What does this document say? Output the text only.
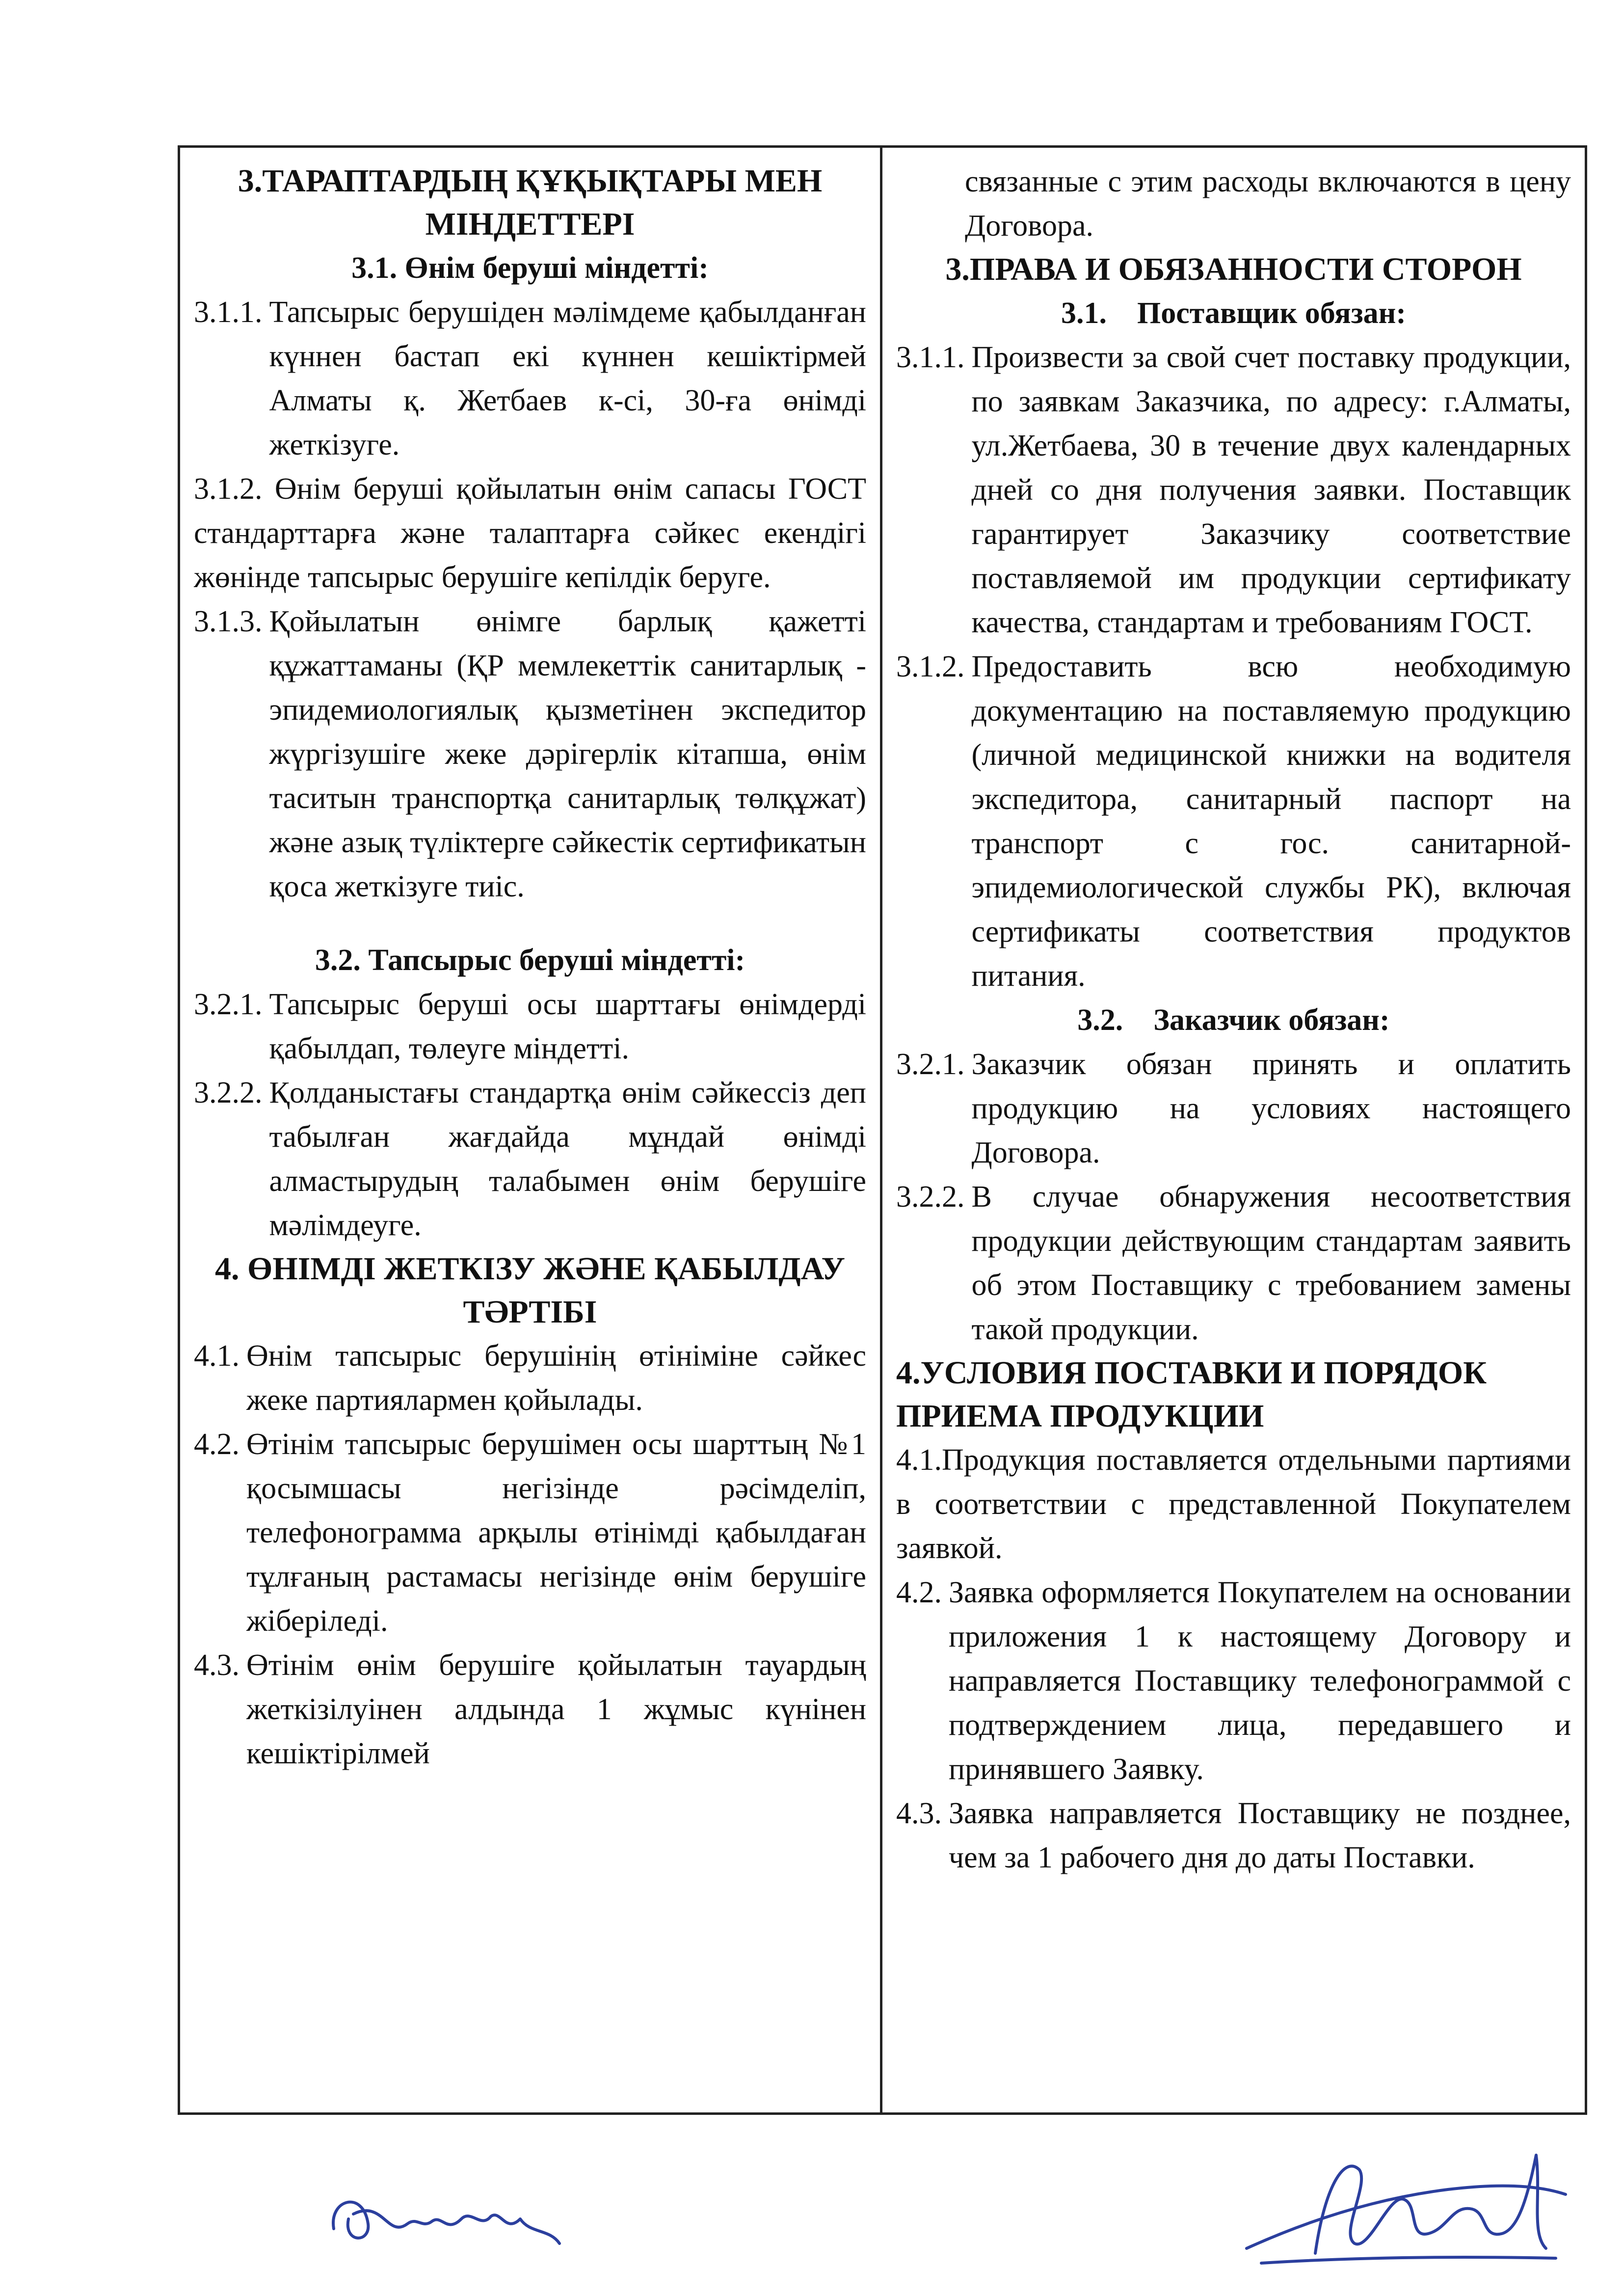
3.ТАРАПТАРДЫҢ ҚҰҚЫҚТАРЫ МЕН МІНДЕТТЕРІ

3.1. Өнім беруші міндетті:

3.1.1. Тапсырыс берушіден мәлімдеме қабылданған күннен бастап екі күннен кешіктірмей Алматы қ. Жетбаев к-сі, 30-ға өнімді жеткізуге.

3.1.2. Өнім беруші қойылатын өнім сапасы ГОСТ стандарттарға және талаптарға сәйкес екендігі жөнінде тапсырыс берушіге кепілдік беруге.

3.1.3. Қойылатын өнімге барлық қажетті құжаттаманы (ҚР мемлекеттік санитарлық - эпидемиологиялық қызметінен экспедитор жүргізушіге жеке дәрігерлік кітапша, өнім таситын транспортқа санитарлық төлқұжат) және азық түліктерге сәйкестік сертификатын қоса жеткізуге тиіс.

3.2. Тапсырыс беруші міндетті:

3.2.1. Тапсырыс беруші осы шарттағы өнімдерді қабылдап, төлеуге міндетті.
3.2.2. Қолданыстағы стандартқа өнім сәйкессіз деп табылған жағдайда мұндай өнімді алмастырудың талабымен өнім берушіге мәлімдеуге.

4. ӨНІМДІ ЖЕТКІЗУ ЖӘНЕ ҚАБЫЛДАУ ТӘРТІБІ

4.1. Өнім тапсырыс берушінің өтініміне сәйкес жеке партиялармен қойылады.
4.2. Өтінім тапсырыс берушімен осы шарттың №1 қосымшасы негізінде рәсімделіп, телефонограмма арқылы өтінімді қабылдаған тұлғаның растамасы негізінде өнім берушіге жіберіледі.
4.3. Өтінім өнім берушіге қойылатын тауардың жеткізілуінен алдында 1 жұмыс күнінен кешіктірілмей

связанные с этим расходы включаются в цену Договора.

3.ПРАВА И ОБЯЗАННОСТИ СТОРОН

3.1.    Поставщик обязан:

3.1.1. Произвести за свой счет поставку продукции, по заявкам Заказчика, по адресу: г.Алматы, ул.Жетбаева, 30 в течение двух календарных дней со дня получения заявки. Поставщик гарантирует Заказчику соответствие поставляемой им продукции сертификату качества, стандартам и требованиям ГОСТ.
3.1.2. Предоставить всю необходимую документацию на поставляемую продукцию (личной медицинской книжки на водителя экспедитора, санитарный паспорт на транспорт с гос. санитарной-эпидемиологической службы РК), включая сертификаты соответствия продуктов питания.

3.2.    Заказчик обязан:

3.2.1. Заказчик обязан принять и оплатить продукцию на условиях настоящего Договора.
3.2.2. В случае обнаружения несоответствия продукции действующим стандартам заявить об этом Поставщику с требованием замены такой продукции.

4.УСЛОВИЯ ПОСТАВКИ И ПОРЯДОК ПРИЕМА ПРОДУКЦИИ

4.1.Продукция поставляется отдельными партиями в соответствии с представленной Покупателем заявкой.

4.2. Заявка оформляется Покупателем на основании приложения 1 к настоящему Договору и направляется Поставщику телефонограммой с подтверждением лица, передавшего и принявшего Заявку.
4.3. Заявка направляется Поставщику не позднее, чем за 1 рабочего дня до даты Поставки.
